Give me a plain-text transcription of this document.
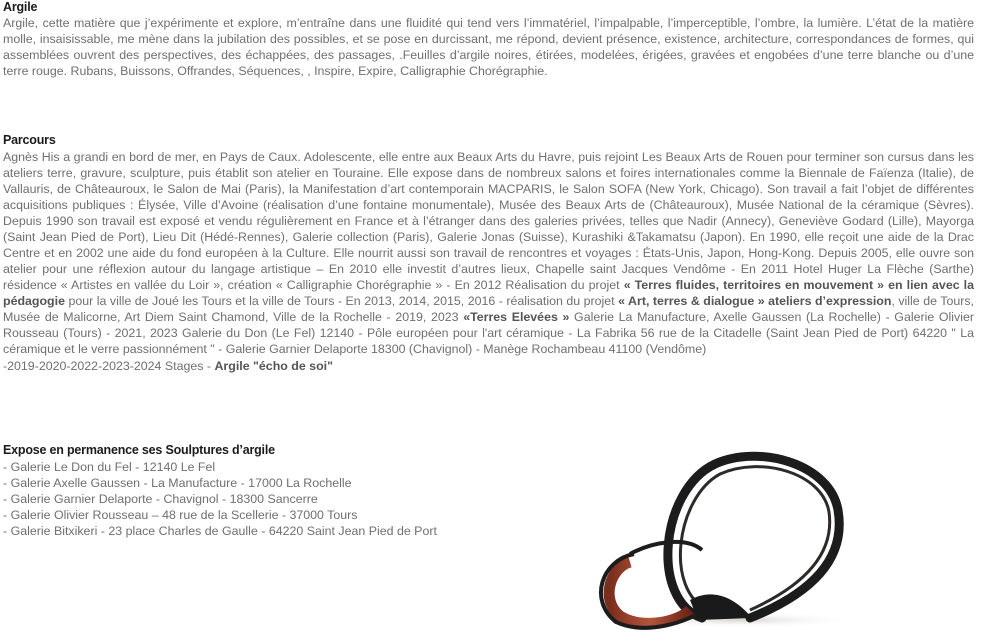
Argile

Argile, cette matière que j’expérimente et explore, m’entraîne dans une fluidité qui tend vers l’immatériel, l’impalpable, l’imperceptible, l’ombre, la lumière. L’état de la matière molle, insaisissable, me mène dans la jubilation des possibles, et se pose en durcissant, me répond, devient présence, existence, architecture, correspondances de formes, qui assemblées ouvrent des perspectives, des échappées, des passages, .Feuilles d’argile noires, étirées, modelées, érigées, gravées et engobées d’une terre blanche ou d’une terre rouge. Rubans, Buissons, Offrandes, Séquences, , Inspire, Expire, Calligraphie Chorégraphie.

Parcours

Agnès His a grandi en bord de mer, en Pays de Caux. Adolescente, elle entre aux Beaux Arts du Havre, puis rejoint Les Beaux Arts de Rouen pour terminer son cursus dans les ateliers terre, gravure, sculpture, puis établit son atelier en Touraine. Elle expose dans de nombreux salons et foires internationales comme la Biennale de Faïenza (Italie), de Vallauris, de Châteauroux, le Salon de Mai (Paris), la Manifestation d’art contemporain MACPARIS, le Salon SOFA (New York, Chicago). Son travail a fait l’objet de différentes acquisitions publiques : Élysée, Ville d’Avoine (réalisation d’une fontaine monumentale), Musée des Beaux Arts de (Châteauroux), Musée National de la céramique (Sèvres). Depuis 1990 son travail est exposé et vendu régulièrement en France et à l’étranger dans des galeries privées, telles que Nadir (Annecy), Geneviève Godard (Lille), Mayorga (Saint Jean Pied de Port), Lieu Dit (Hédé-Rennes), Galerie collection (Paris), Galerie Jonas (Suisse), Kurashiki &Takamatsu (Japon). En 1990, elle reçoit une aide de la Drac Centre et en 2002 une aide du fond européen à la Culture. Elle nourrit aussi son travail de rencontres et voyages : États-Unis, Japon, Hong-Kong. Depuis 2005, elle ouvre son atelier pour une réflexion autour du langage artistique – En 2010 elle investit d’autres lieux, Chapelle saint Jacques Vendôme - En 2011 Hotel Huger La Flèche (Sarthe) résidence « Artistes en vallée du Loir », création « Calligraphie Chorégraphie » - En 2012 Réalisation du projet « Terres fluides, territoires en mouvement » en lien avec la pédagogie pour la ville de Joué les Tours et la ville de Tours - En 2013, 2014, 2015, 2016 - réalisation du projet « Art, terres & dialogue » ateliers d’expression, ville de Tours, Musée de Malicorne, Art Diem Saint Chamond, Ville de la Rochelle - 2019, 2023 «Terres Elevées » Galerie La Manufacture, Axelle Gaussen (La Rochelle) - Galerie Olivier Rousseau (Tours) - 2021, 2023 Galerie du Don (Le Fel) 12140 - Pôle européen pour l'art céramique - La Fabrika 56 rue de la Citadelle (Saint Jean Pied de Port) 64220 " La céramique et le verre passionnément " - Galerie Garnier Delaporte 18300 (Chavignol) - Manège Rochambeau 41100 (Vendôme)

-2019-2020-2022-2023-2024 Stages - Argile "écho de soi"

Expose en permanence ses Soulptures d’argile
- Galerie Le Don du Fel - 12140 Le Fel
- Galerie Axelle Gaussen - La Manufacture - 17000 La Rochelle
- Galerie Garnier Delaporte - Chavignol - 18300 Sancerre
- Galerie Olivier Rousseau – 48 rue de la Scellerie - 37000 Tours
- Galerie Bitxikeri - 23 place Charles de Gaulle - 64220 Saint Jean Pied de Port
